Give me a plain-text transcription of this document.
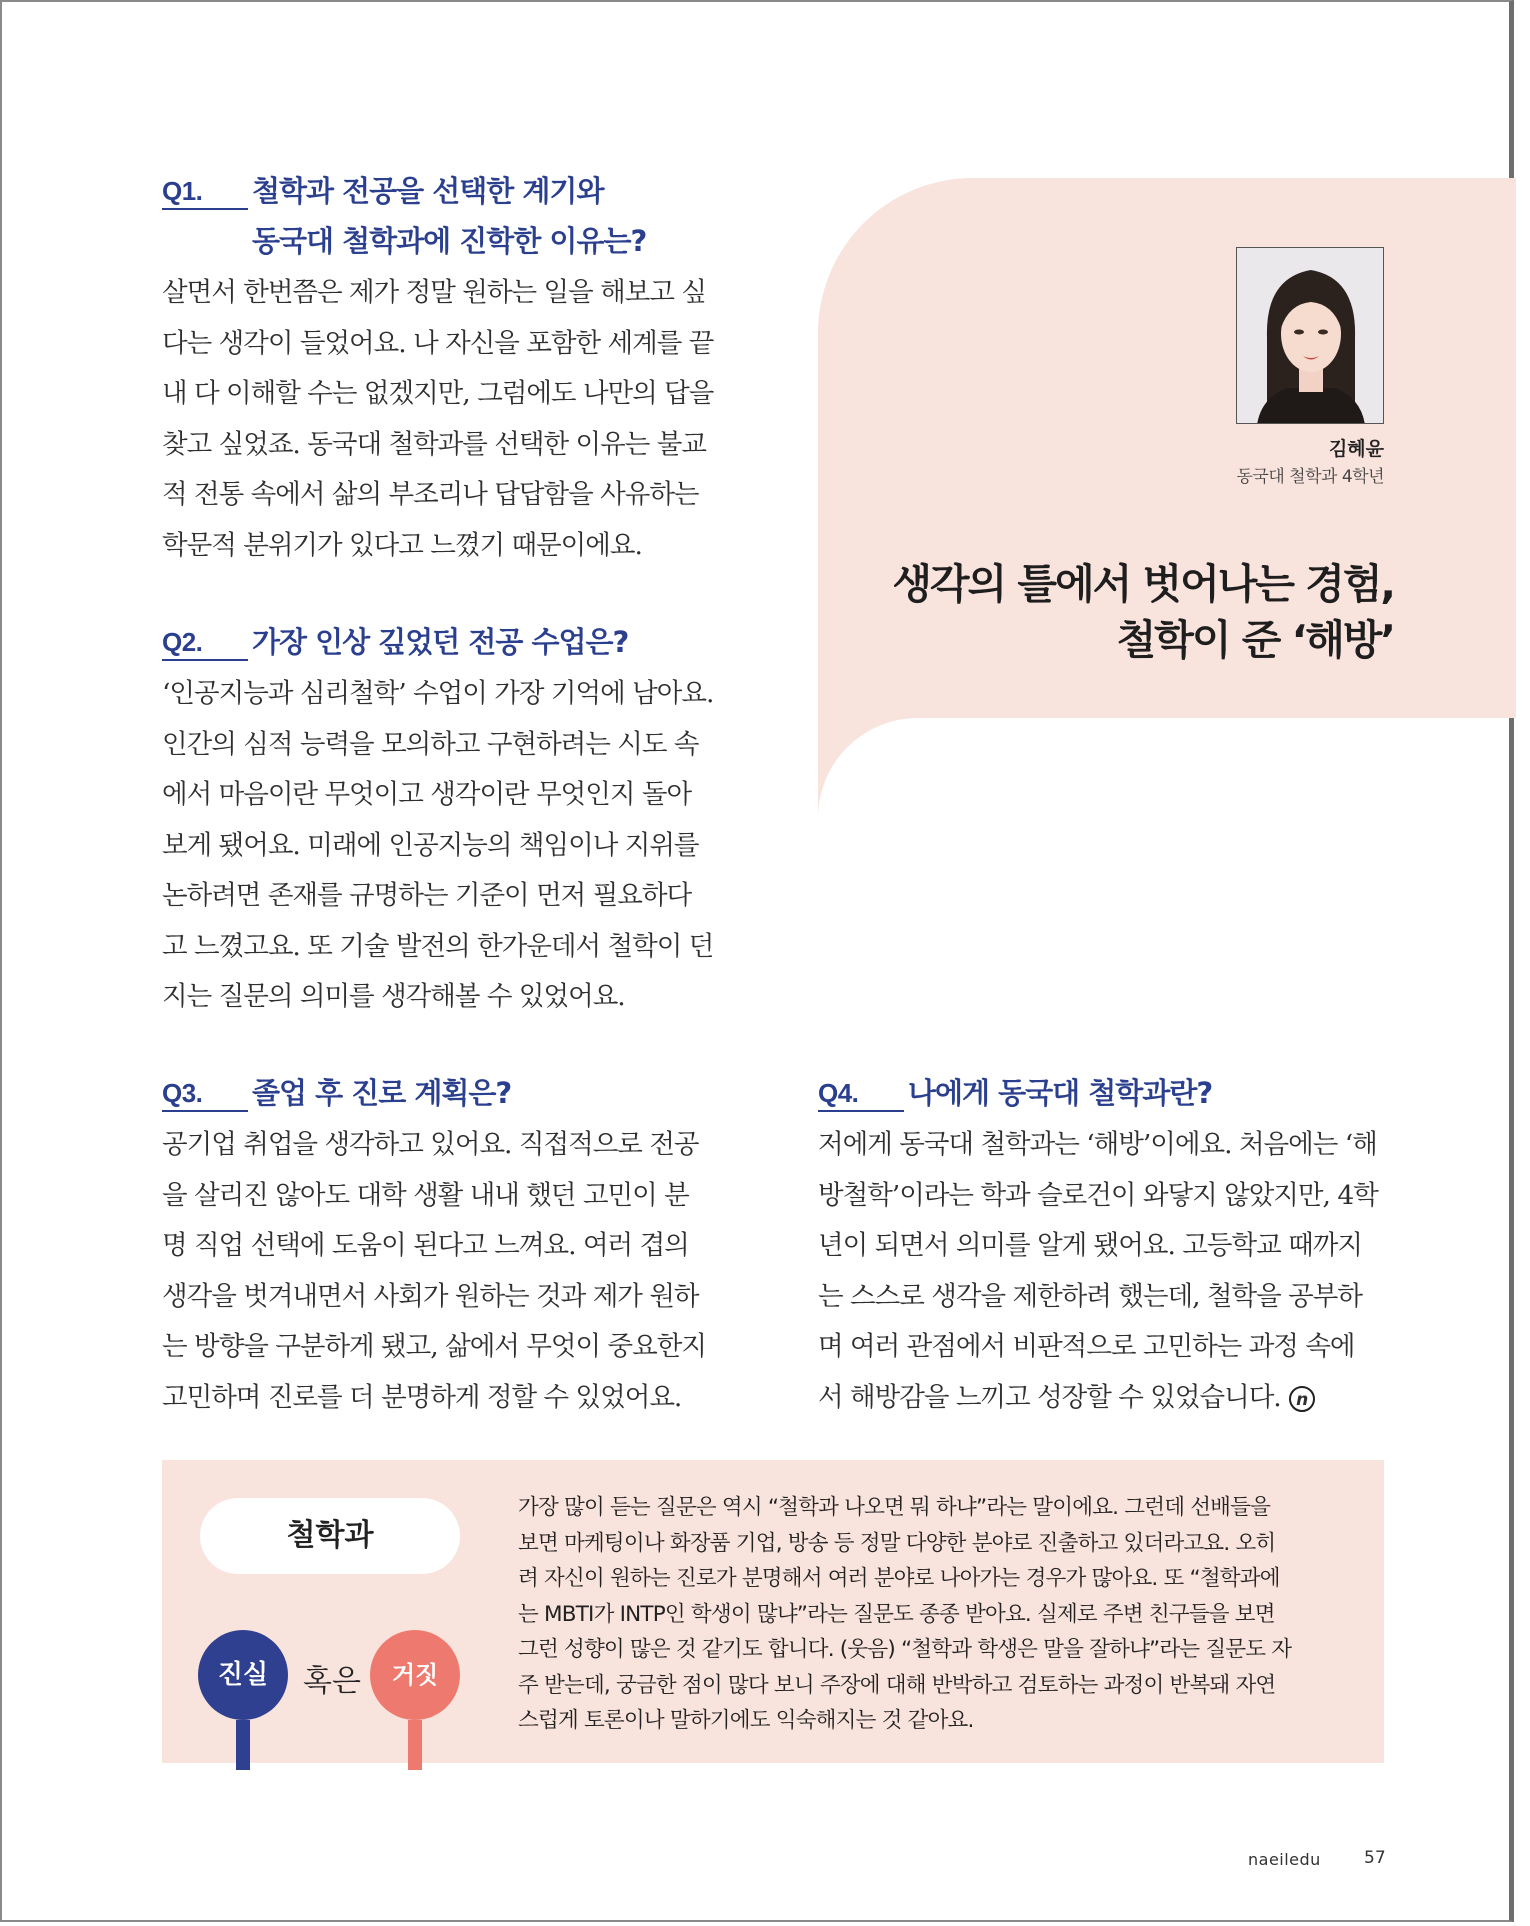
김혜윤
동국대 철학과 4학년
생각의 틀에서 벗어나는 경험,
철학이 준 ‘해방’
Q1.	철학과 전공을 선택한 계기와
동국대 철학과에 진학한 이유는?
살면서 한번쯤은 제가 정말 원하는 일을 해보고 싶
다는 생각이 들었어요. 나 자신을 포함한 세계를 끝
내 다 이해할 수는 없겠지만, 그럼에도 나만의 답을
찾고 싶었죠. 동국대 철학과를 선택한 이유는 불교
적 전통 속에서 삶의 부조리나 답답함을 사유하는
학문적 분위기가 있다고 느꼈기 때문이에요.
Q2.	가장 인상 깊었던 전공 수업은?
‘인공지능과 심리철학’ 수업이 가장 기억에 남아요.
인간의 심적 능력을 모의하고 구현하려는 시도 속
에서 마음이란 무엇이고 생각이란 무엇인지 돌아
보게 됐어요. 미래에 인공지능의 책임이나 지위를
논하려면 존재를 규명하는 기준이 먼저 필요하다
고 느꼈고요. 또 기술 발전의 한가운데서 철학이 던
지는 질문의 의미를 생각해볼 수 있었어요.
Q3.	졸업 후 진로 계획은?
공기업 취업을 생각하고 있어요. 직접적으로 전공
을 살리진 않아도 대학 생활 내내 했던 고민이 분
명 직업 선택에 도움이 된다고 느껴요. 여러 겹의
생각을 벗겨내면서 사회가 원하는 것과 제가 원하
는 방향을 구분하게 됐고, 삶에서 무엇이 중요한지
고민하며 진로를 더 분명하게 정할 수 있었어요.
Q4.	나에게 동국대 철학과란?
저에게 동국대 철학과는 ‘해방’이에요. 처음에는 ‘해
방철학’이라는 학과 슬로건이 와닿지 않았지만, 4학
년이 되면서 의미를 알게 됐어요. 고등학교 때까지
는 스스로 생각을 제한하려 했는데, 철학을 공부하
며 여러 관점에서 비판적으로 고민하는 과정 속에
서 해방감을 느끼고 성장할 수 있었습니다. n
철학과
진실	혹은	거짓
가장 많이 듣는 질문은 역시 “철학과 나오면 뭐 하냐”라는 말이에요. 그런데 선배들을
보면 마케팅이나 화장품 기업, 방송 등 정말 다양한 분야로 진출하고 있더라고요. 오히
려 자신이 원하는 진로가 분명해서 여러 분야로 나아가는 경우가 많아요. 또 “철학과에
는 MBTI가 INTP인 학생이 많냐”라는 질문도 종종 받아요. 실제로 주변 친구들을 보면
그런 성향이 많은 것 같기도 합니다. (웃음) “철학과 학생은 말을 잘하냐”라는 질문도 자
주 받는데, 궁금한 점이 많다 보니 주장에 대해 반박하고 검토하는 과정이 반복돼 자연
스럽게 토론이나 말하기에도 익숙해지는 것 같아요.
naeiledu	57
